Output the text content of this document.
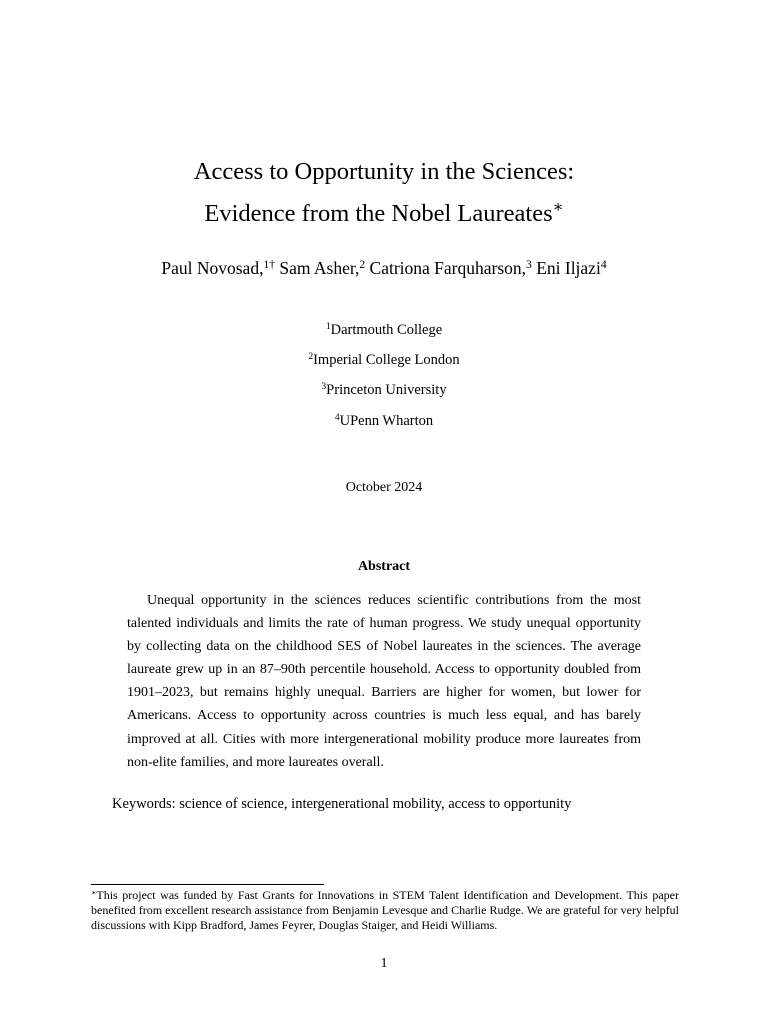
Access to Opportunity in the Sciences:
Evidence from the Nobel Laureates∗
Paul Novosad,$^{1\dagger}$ Sam Asher,$^2$ Catriona Farquharson,$^3$ Eni Iljazi$^4$
$^1$Dartmouth College
$^2$Imperial College London
$^3$Princeton University
$^4$UPenn Wharton
October 2024
Abstract
Unequal opportunity in the sciences reduces scientific contributions from the most talented individuals and limits the rate of human progress. We study unequal opportunity by collecting data on the childhood SES of Nobel laureates in the sciences. The average laureate grew up in an 87–90th percentile household. Access to opportunity doubled from 1901–2023, but remains highly unequal. Barriers are higher for women, but lower for Americans. Access to opportunity across countries is much less equal, and has barely improved at all. Cities with more intergenerational mobility produce more laureates from non-elite families, and more laureates overall.
Keywords: science of science, intergenerational mobility, access to opportunity
∗This project was funded by Fast Grants for Innovations in STEM Talent Identification and Development. This paper benefited from excellent research assistance from Benjamin Levesque and Charlie Rudge. We are grateful for very helpful discussions with Kipp Bradford, James Feyrer, Douglas Staiger, and Heidi Williams.
1
